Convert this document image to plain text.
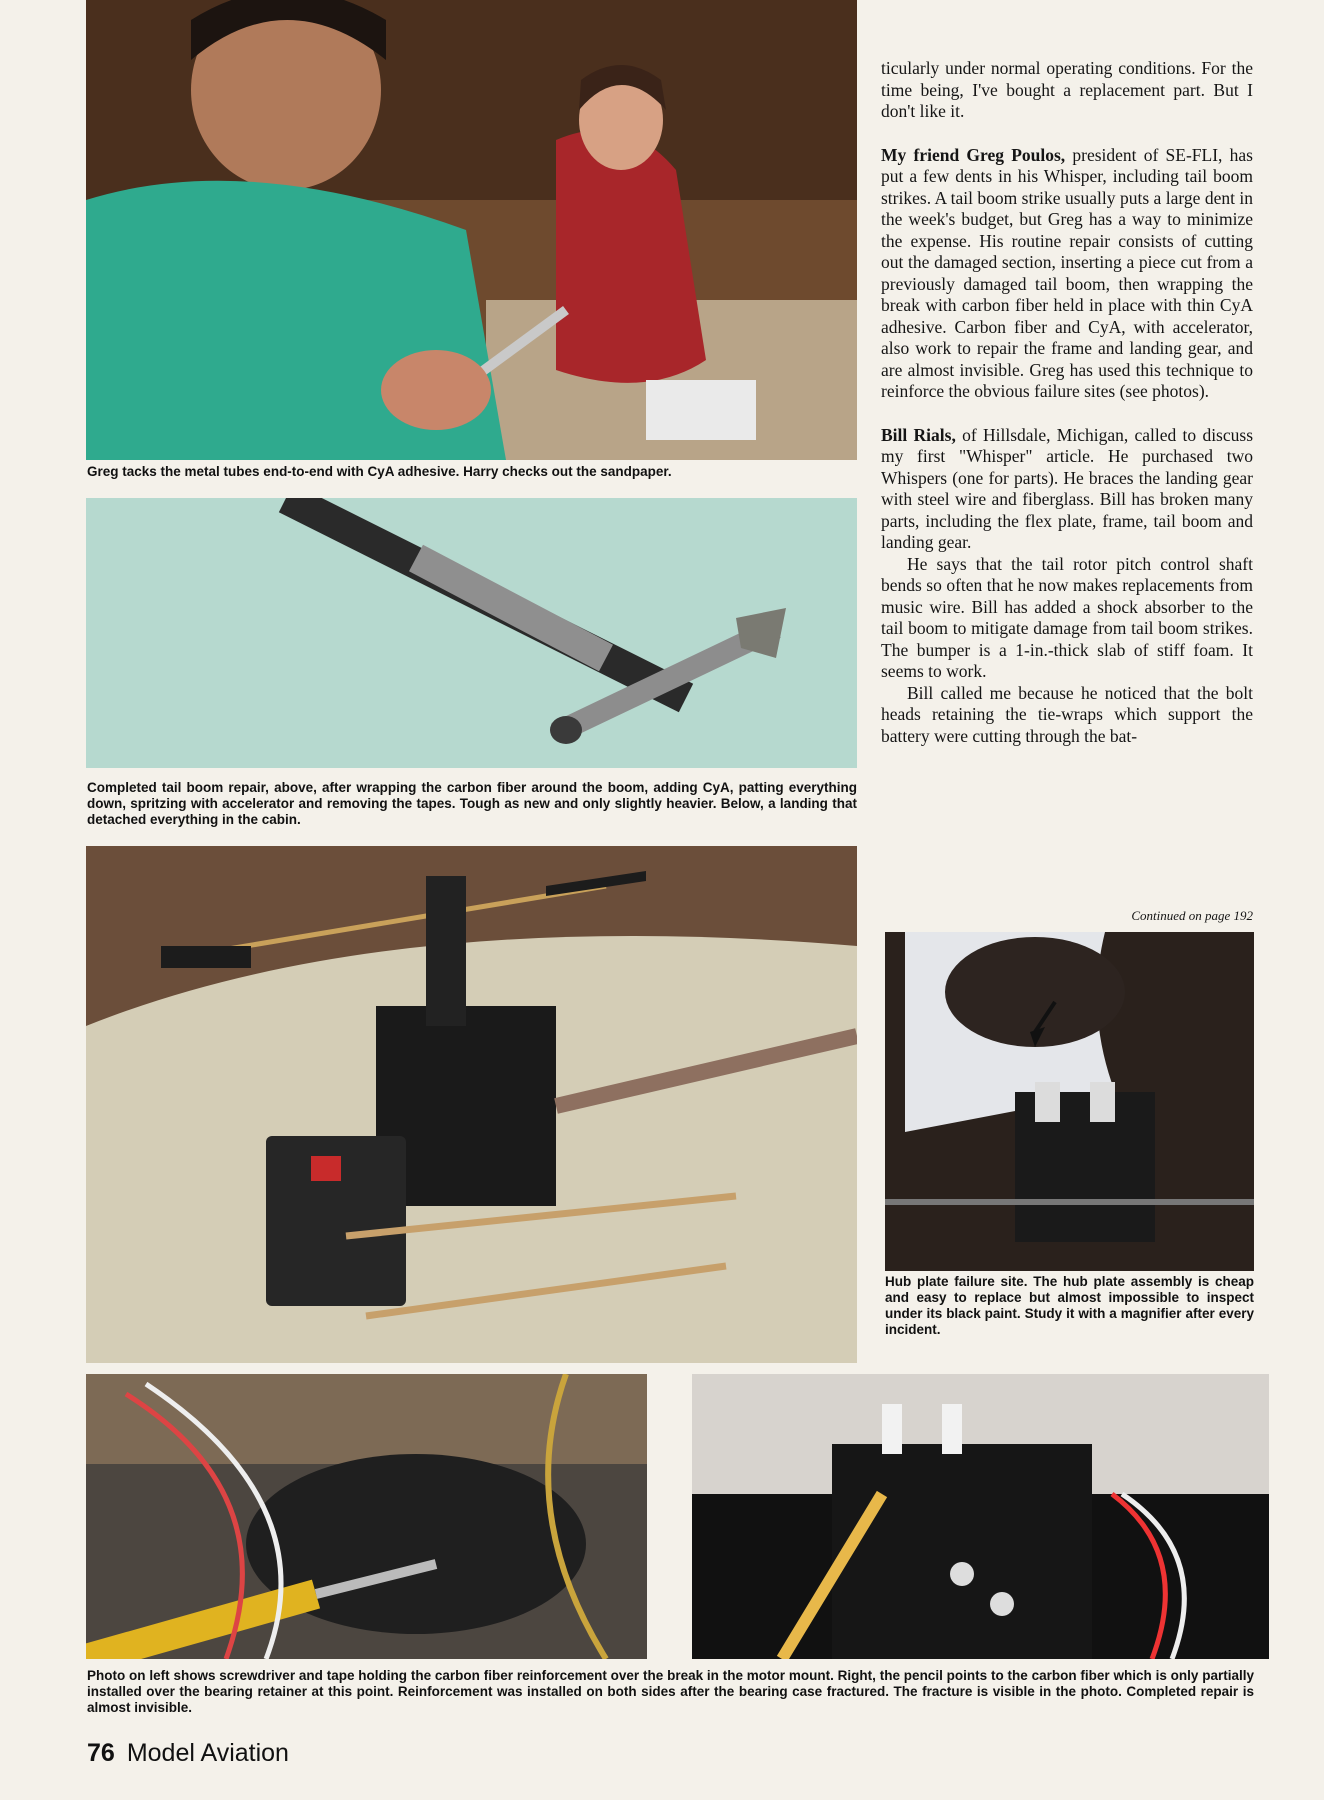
Greg tacks the metal tubes end-to-end with CyA adhesive. Harry checks out the sandpaper.

Completed tail boom repair, above, after wrapping the carbon fiber around the boom, adding CyA, patting everything down, spritzing with accelerator and removing the tapes. Tough as new and only slightly heavier. Below, a landing that detached everything in the cabin.

ticularly under normal operating conditions. For the time being, I've bought a replacement part. But I don't like it.

My friend Greg Poulos, president of SE-FLI, has put a few dents in his Whisper, including tail boom strikes. A tail boom strike usually puts a large dent in the week's budget, but Greg has a way to minimize the expense. His routine repair consists of cutting out the damaged section, inserting a piece cut from a previously damaged tail boom, then wrapping the break with carbon fiber held in place with thin CyA adhesive. Carbon fiber and CyA, with accelerator, also work to repair the frame and landing gear, and are almost invisible. Greg has used this technique to reinforce the obvious failure sites (see photos).

Bill Rials, of Hillsdale, Michigan, called to discuss my first "Whisper" article. He purchased two Whispers (one for parts). He braces the landing gear with steel wire and fiberglass. Bill has broken many parts, including the flex plate, frame, tail boom and landing gear.

He says that the tail rotor pitch control shaft bends so often that he now makes replacements from music wire. Bill has added a shock absorber to the tail boom to mitigate damage from tail boom strikes. The bumper is a 1-in.-thick slab of stiff foam. It seems to work.

Bill called me because he noticed that the bolt heads retaining the tie-wraps which support the battery were cutting through the bat-

Continued on page 192

Hub plate failure site. The hub plate assembly is cheap and easy to replace but almost impossible to inspect under its black paint. Study it with a magnifier after every incident.

Photo on left shows screwdriver and tape holding the carbon fiber reinforcement over the break in the motor mount. Right, the pencil points to the carbon fiber which is only partially installed over the bearing retainer at this point. Reinforcement was installed on both sides after the bearing case fractured. The fracture is visible in the photo. Completed repair is almost invisible.

76 Model Aviation
